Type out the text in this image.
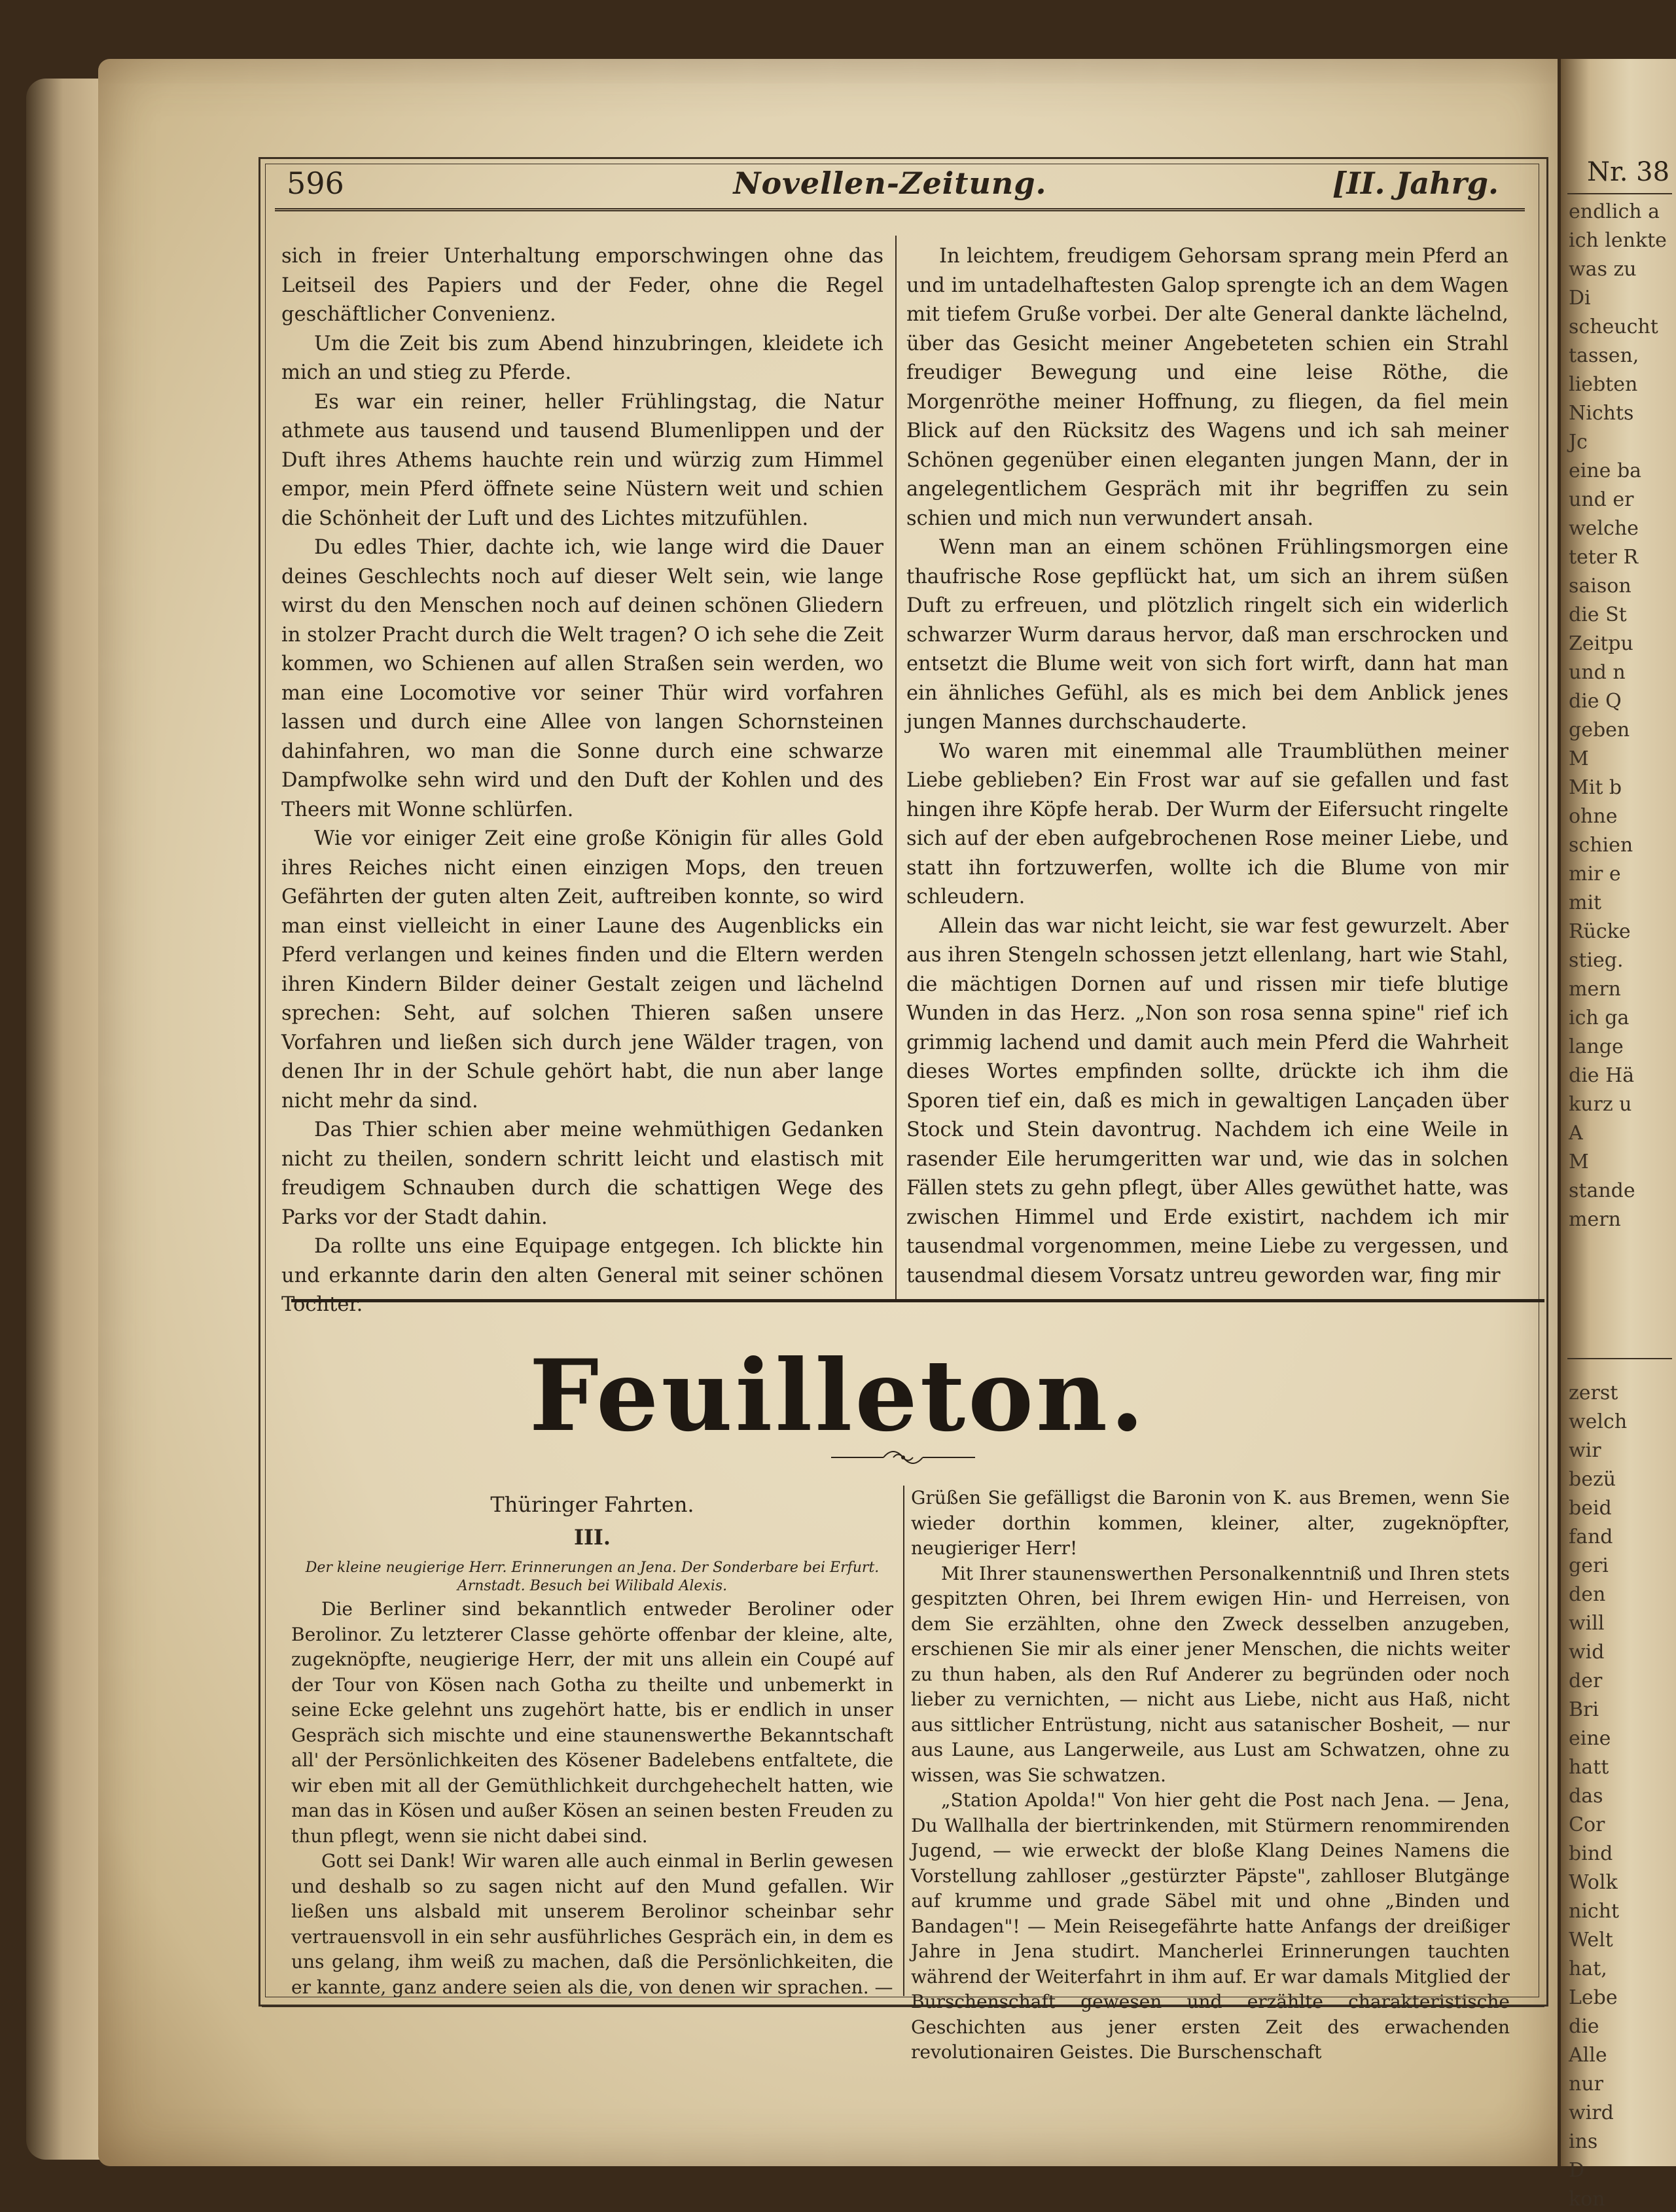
Nr. 38
endlich a
ich lenkte
was zu
Di
scheucht
tassen,
liebten
Nichts
Jc
eine ba
und er
welche
teter R
saison
die St
Zeitpu
und n
die Q
geben
M
Mit b
ohne
schien
mir e
mit
Rücke
stieg.
mern
ich ga
lange
die Hä
kurz u
A
M
stande
mern
zerst
welch
wir
bezü
beid
fand
geri
den
will
wid
der
Bri
eine
hatt
das
Cor
bind
Wolk
nicht
Welt
hat,
Lebe
die
Alle
nur
wird
ins
D
kon
596	Novellen-Zeitung.	[II. Jahrg.

sich in freier Unterhaltung emporschwingen ohne das Leitseil des Papiers und der Feder, ohne die Regel geschäftlicher Convenienz.

Um die Zeit bis zum Abend hinzubringen, kleidete ich mich an und stieg zu Pferde.

Es war ein reiner, heller Frühlingstag, die Natur athmete aus tausend und tausend Blumenlippen und der Duft ihres Athems hauchte rein und würzig zum Himmel empor, mein Pferd öffnete seine Nüstern weit und schien die Schönheit der Luft und des Lichtes mitzufühlen.

Du edles Thier, dachte ich, wie lange wird die Dauer deines Geschlechts noch auf dieser Welt sein, wie lange wirst du den Menschen noch auf deinen schönen Gliedern in stolzer Pracht durch die Welt tragen? O ich sehe die Zeit kommen, wo Schienen auf allen Straßen sein werden, wo man eine Locomotive vor seiner Thür wird vorfahren lassen und durch eine Allee von langen Schornsteinen dahinfahren, wo man die Sonne durch eine schwarze Dampfwolke sehn wird und den Duft der Kohlen und des Theers mit Wonne schlürfen.

Wie vor einiger Zeit eine große Königin für alles Gold ihres Reiches nicht einen einzigen Mops, den treuen Gefährten der guten alten Zeit, auftreiben konnte, so wird man einst vielleicht in einer Laune des Augenblicks ein Pferd verlangen und keines finden und die Eltern werden ihren Kindern Bilder deiner Gestalt zeigen und lächelnd sprechen: Seht, auf solchen Thieren saßen unsere Vorfahren und ließen sich durch jene Wälder tragen, von denen Ihr in der Schule gehört habt, die nun aber lange nicht mehr da sind.

Das Thier schien aber meine wehmüthigen Gedanken nicht zu theilen, sondern schritt leicht und elastisch mit freudigem Schnauben durch die schattigen Wege des Parks vor der Stadt dahin.

Da rollte uns eine Equipage entgegen. Ich blickte hin und erkannte darin den alten General mit seiner schönen Tochter.

In leichtem, freudigem Gehorsam sprang mein Pferd an und im untadelhaftesten Galop sprengte ich an dem Wagen mit tiefem Gruße vorbei. Der alte General dankte lächelnd, über das Gesicht meiner Angebeteten schien ein Strahl freudiger Bewegung und eine leise Röthe, die Morgenröthe meiner Hoffnung, zu fliegen, da fiel mein Blick auf den Rücksitz des Wagens und ich sah meiner Schönen gegenüber einen eleganten jungen Mann, der in angelegentlichem Gespräch mit ihr begriffen zu sein schien und mich nun verwundert ansah.

Wenn man an einem schönen Frühlingsmorgen eine thaufrische Rose gepflückt hat, um sich an ihrem süßen Duft zu erfreuen, und plötzlich ringelt sich ein widerlich schwarzer Wurm daraus hervor, daß man erschrocken und entsetzt die Blume weit von sich fort wirft, dann hat man ein ähnliches Gefühl, als es mich bei dem Anblick jenes jungen Mannes durchschauderte.

Wo waren mit einemmal alle Traumblüthen meiner Liebe geblieben? Ein Frost war auf sie gefallen und fast hingen ihre Köpfe herab. Der Wurm der Eifersucht ringelte sich auf der eben aufgebrochenen Rose meiner Liebe, und statt ihn fortzuwerfen, wollte ich die Blume von mir schleudern.

Allein das war nicht leicht, sie war fest gewurzelt. Aber aus ihren Stengeln schossen jetzt ellenlang, hart wie Stahl, die mächtigen Dornen auf und rissen mir tiefe blutige Wunden in das Herz. „Non son rosa senna spine" rief ich grimmig lachend und damit auch mein Pferd die Wahrheit dieses Wortes empfinden sollte, drückte ich ihm die Sporen tief ein, daß es mich in gewaltigen Lançaden über Stock und Stein davontrug. Nachdem ich eine Weile in rasender Eile herumgeritten war und, wie das in solchen Fällen stets zu gehn pflegt, über Alles gewüthet hatte, was zwischen Himmel und Erde existirt, nachdem ich mir tausendmal vorgenommen, meine Liebe zu vergessen, und tausendmal diesem Vorsatz untreu geworden war, fing mir

Feuilleton.
Thüringer Fahrten.
III.
Der kleine neugierige Herr. Erinnerungen an Jena. Der Sonderbare bei Erfurt. Arnstadt. Besuch bei Wilibald Alexis.

Die Berliner sind bekanntlich entweder Beroliner oder Berolinor. Zu letzterer Classe gehörte offenbar der kleine, alte, zugeknöpfte, neugierige Herr, der mit uns allein ein Coupé auf der Tour von Kösen nach Gotha zu theilte und unbemerkt in seine Ecke gelehnt uns zugehört hatte, bis er endlich in unser Gespräch sich mischte und eine staunenswerthe Bekanntschaft all' der Persönlichkeiten des Kösener Badelebens entfaltete, die wir eben mit all der Gemüthlichkeit durchgehechelt hatten, wie man das in Kösen und außer Kösen an seinen besten Freuden zu thun pflegt, wenn sie nicht dabei sind.

Gott sei Dank! Wir waren alle auch einmal in Berlin gewesen und deshalb so zu sagen nicht auf den Mund gefallen. Wir ließen uns alsbald mit unserem Berolinor scheinbar sehr vertrauensvoll in ein sehr ausführliches Gespräch ein, in dem es uns gelang, ihm weiß zu machen, daß die Persönlichkeiten, die er kannte, ganz andere seien als die, von denen wir sprachen. —

Grüßen Sie gefälligst die Baronin von K. aus Bremen, wenn Sie wieder dorthin kommen, kleiner, alter, zugeknöpfter, neugieriger Herr!

Mit Ihrer staunenswerthen Personalkenntniß und Ihren stets gespitzten Ohren, bei Ihrem ewigen Hin- und Herreisen, von dem Sie erzählten, ohne den Zweck desselben anzugeben, erschienen Sie mir als einer jener Menschen, die nichts weiter zu thun haben, als den Ruf Anderer zu begründen oder noch lieber zu vernichten, — nicht aus Liebe, nicht aus Haß, nicht aus sittlicher Entrüstung, nicht aus satanischer Bosheit, — nur aus Laune, aus Langerweile, aus Lust am Schwatzen, ohne zu wissen, was Sie schwatzen.

„Station Apolda!" Von hier geht die Post nach Jena. — Jena, Du Wallhalla der biertrinkenden, mit Stürmern renommirenden Jugend, — wie erweckt der bloße Klang Deines Namens die Vorstellung zahlloser „gestürzter Päpste", zahlloser Blutgänge auf krumme und grade Säbel mit und ohne „Binden und Bandagen"! — Mein Reisegefährte hatte Anfangs der dreißiger Jahre in Jena studirt. Mancherlei Erinnerungen tauchten während der Weiterfahrt in ihm auf. Er war damals Mitglied der Burschenschaft gewesen und erzählte charakteristische Geschichten aus jener ersten Zeit des erwachenden revolutionairen Geistes. Die Burschenschaft
